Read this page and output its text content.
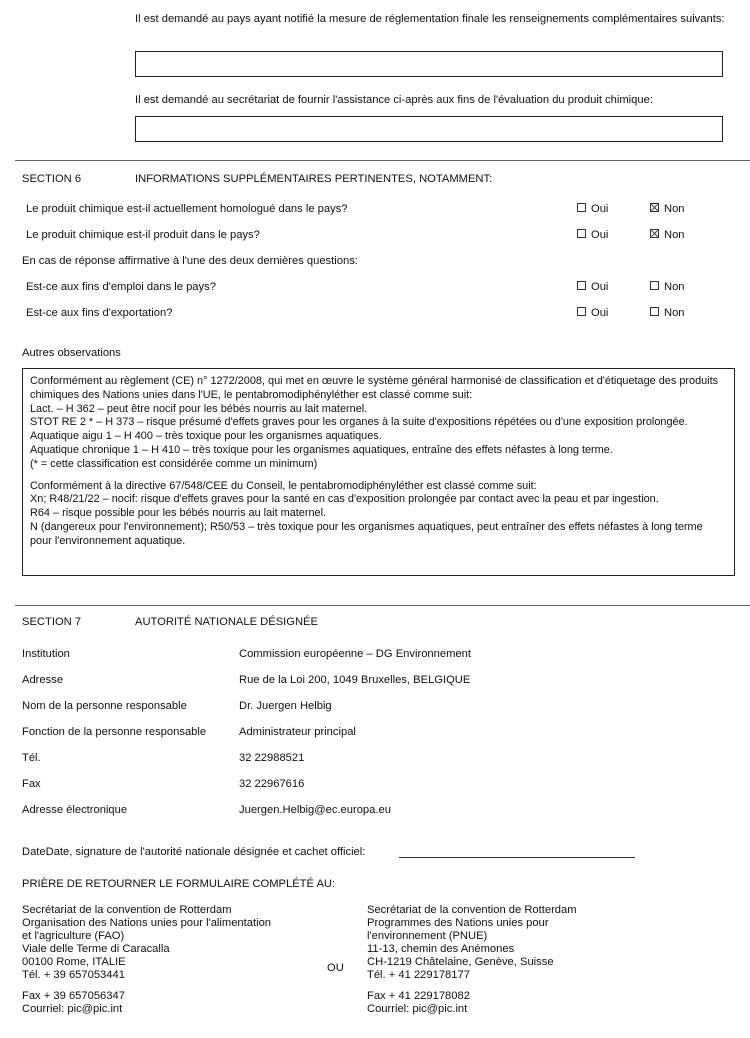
Il est demandé au pays ayant notifié la mesure de réglementation finale les renseignements complémentaires suivants:
Il est demandé au secrétariat de fournir l'assistance ci-après aux fins de l'évaluation du produit chimique:
SECTION 6	INFORMATIONS SUPPLÉMENTAIRES PERTINENTES, NOTAMMENT:
Le produit chimique est-il actuellement homologué dans le pays?	Oui	Non
Le produit chimique est-il produit dans le pays?	Oui	Non
En cas de réponse affirmative à l'une des deux dernières questions:
Est-ce aux fins d'emploi dans le pays?	Oui	Non
Est-ce aux fins d'exportation?	Oui	Non
Autres observations

Conformément au règlement (CE) n° 1272/2008, qui met en œuvre le système général harmonisé de classification et d'étiquetage des produits chimiques des Nations unies dans l'UE, le pentabromodiphényléther est classé comme suit:

Lact. – H 362 – peut être nocif pour les bébés nourris au lait maternel.

STOT RE 2 * – H 373 – risque présumé d'effets graves pour les organes à la suite d'expositions répétées ou d'une exposition prolongée.

Aquatique aigu 1 – H 400 – très toxique pour les organismes aquatiques.

Aquatique chronique 1 – H 410 – très toxique pour les organismes aquatiques, entraîne des effets néfastes à long terme.

(* = cette classification est considérée comme un minimum)

Conformément à la directive 67/548/CEE du Conseil, le pentabromodiphényléther est classé comme suit:

Xn; R48/21/22 – nocif: risque d'effets graves pour la santé en cas d'exposition prolongée par contact avec la peau et par ingestion.

R64 – risque possible pour les bébés nourris au lait maternel.

N (dangereux pour l'environnement); R50/53 – très toxique pour les organismes aquatiques, peut entraîner des effets néfastes à long terme pour l'environnement aquatique.

SECTION 7	AUTORITÉ NATIONALE DÉSIGNÉE
Institution	Commission européenne – DG Environnement
Adresse	Rue de la Loi 200, 1049 Bruxelles, BELGIQUE
Nom de la personne responsable	Dr. Juergen Helbig
Fonction de la personne responsable	Administrateur principal
Tél.	32 22988521
Fax	32 22967616
Adresse électronique	Juergen.Helbig@ec.europa.eu
DateDate, signature de l'autorité nationale désignée et cachet officiel:
PRIÈRE DE RETOURNER LE FORMULAIRE COMPLÉTÉ AU:

Secrétariat de la convention de Rotterdam

Organisation des Nations unies pour l'alimentation

et l'agriculture (FAO)

Viale delle Terme di Caracalla

00100 Rome, ITALIE

Tél. + 39 657053441

Fax + 39 657056347

Courriel: pic@pic.int

OU

Secrétariat de la convention de Rotterdam

Programmes des Nations unies pour

l'environnement (PNUE)

11-13, chemin des Anémones

CH-1219 Châtelaine, Genève, Suisse

Tél. + 41 229178177

Fax + 41 229178082

Courriel: pic@pic.int
